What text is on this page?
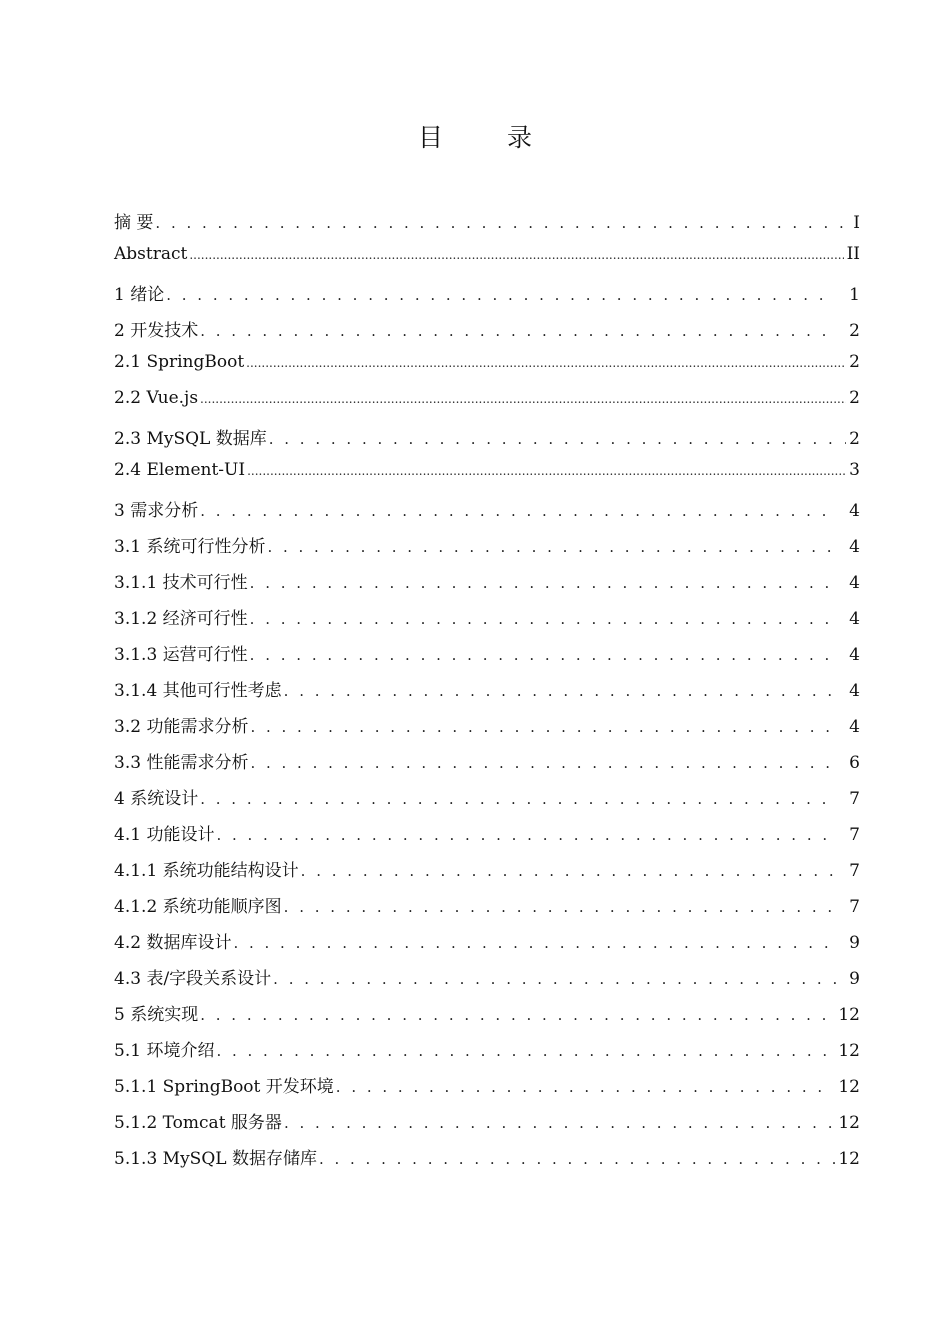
目 录
摘 要 . . .	I
Abstract .....	II
1 绪论 . . .	1
2 开发技术 . . .	2
2.1 SpringBoot .....	2
2.2 Vue.js .....	2
2.3 MySQL 数据库 . . .	2
2.4 Element-UI .....	3
3 需求分析 . . .	4
3.1 系统可行性分析 . . .	4
3.1.1 技术可行性 . . .	4
3.1.2 经济可行性 . . .	4
3.1.3 运营可行性 . . .	4
3.1.4 其他可行性考虑 . . .	4
3.2 功能需求分析 . . .	4
3.3 性能需求分析 . . .	6
4 系统设计 . . .	7
4.1 功能设计 . . .	7
4.1.1 系统功能结构设计 . . .	7
4.1.2 系统功能顺序图 . . .	7
4.2 数据库设计 . . .	9
4.3 表/字段关系设计 . . .	9
5 系统实现 . . .	12
5.1 环境介绍 . . .	12
5.1.1 SpringBoot 开发环境 . . .	12
5.1.2 Tomcat 服务器 . . .	12
5.1.3 MySQL 数据存储库 . . .	12
